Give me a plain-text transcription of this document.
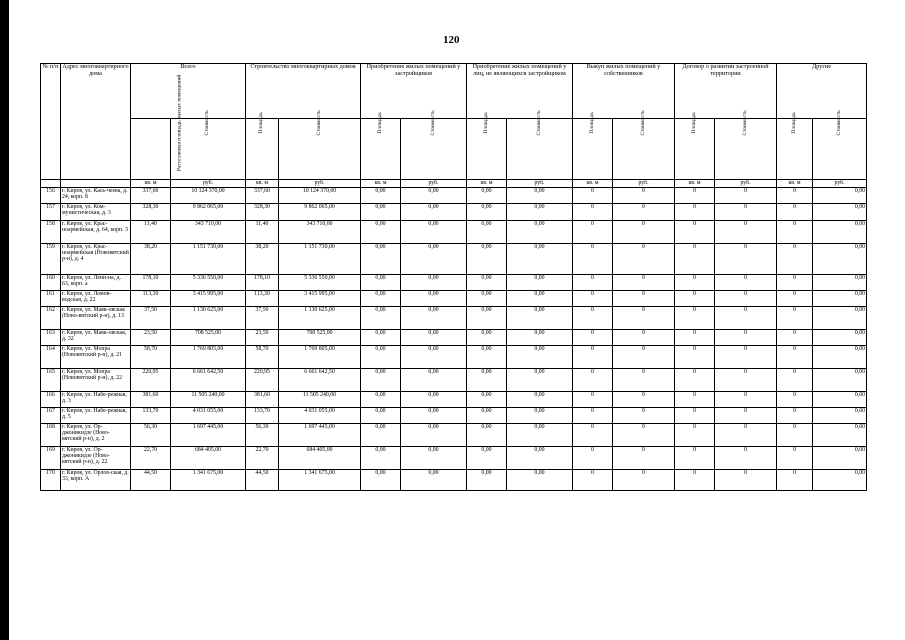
120
№ п/п	Адрес многоквартирного дома	Всего		Строительство многоквартирных домов		Приобретение жилых помещений у застройщиков		Приобретение жилых помещений у лиц, не являющихся застройщиком		Выкуп жилых помещений у собственников		Договор о развитии застроенной территории		Другие	
		Расселяемая площадь жилых помещений	Стоимость	Площадь	Стоимость	Площадь	Стоимость	Площадь	Стоимость	Площадь	Стоимость	Площадь	Стоимость	Площадь	Стоимость
		кв. м	руб.	кв. м	руб.	кв. м	руб.	кв. м	руб.	кв. м	руб.	кв. м	руб.	кв. м	руб.
156	г. Киров, ул. Кась-чеева, д. 24, корп. 8	337,60	10 124 370,00	337,60	10 124 370,00	0,00	0,00	0,00	0,00	0	0	0	0	0	0,00
157	г. Киров, ул. Ком-мунистическая, д. 3	328,30	9 862 065,00	328,30	9 862 065,00	0,00	0,00	0,00	0,00	0	0	0	0	0	0,00
158	г. Киров, ул. Крас-ноармейская, д. 64, корп. 3	11,40	343 710,00	11,40	343 710,00	0,00	0,00	0,00	0,00	0	0	0	0	0	0,00
159	г. Киров, ул. Крас-ноармейская (Нововятский р-н), д. 4	38,20	1 151 730,00	38,20	1 151 730,00	0,00	0,00	0,00	0,00	0	0	0	0	0	0,00
160	г. Киров, ул. Лени-на, д. 63, корп. а	178,10	5 336 550,00	178,10	5 336 550,00	0,00	0,00	0,00	0,00	0	0	0	0	0	0,00
161	г. Киров, ул. Ломов-водская, д. 22	113,30	3 415 995,00	113,30	3 415 995,00	0,00	0,00	0,00	0,00	0	0	0	0	0	0,00
162	г. Киров, ул. Маяк-овская (Ново-вятский р-н), д. 13	37,50	1 130 625,00	37,50	1 130 625,00	0,00	0,00	0,00	0,00	0	0	0	0	0	0,00
163	г. Киров, ул. Маяк-овская, д. 32	23,50	708 525,00	23,50	708 525,00	0,00	0,00	0,00	0,00	0	0	0	0	0	0,00
164	г. Киров, ул. Мопра (Нововятский р-н), д. 21	58,70	1 769 805,00	58,70	1 769 805,00	0,00	0,00	0,00	0,00	0	0	0	0	0	0,00
165	г. Киров, ул. Мопра (Нововятский р-н), д. 22	220,95	6 661 642,50	220,95	6 661 642,50	0,00	0,00	0,00	0,00	0	0	0	0	0	0,00
166	г. Киров, ул. Набе-режная, д. 3	381,60	11 505 240,00	381,60	11 505 240,00	0,00	0,00	0,00	0,00	0	0	0	0	0	0,00
167	г. Киров, ул. Набе-режная, д. 5	133,70	4 031 055,00	133,70	4 031 055,00	0,00	0,00	0,00	0,00	0	0	0	0	0	0,00
168	г. Киров, ул. Ор-джоникидзе (Ново-вятский р-н), д. 2	56,30	1 697 445,00	56,30	1 697 445,00	0,00	0,00	0,00	0,00	0	0	0	0	0	0,00
169	г. Киров, ул. Ор-джоникидзе (Ново-вятский р-н), д. 22	22,70	684 405,00	22,70	684 405,00	0,00	0,00	0,00	0,00	0	0	0	0	0	0,00
170	г. Киров, ул. Орлов-ская, д. 33, корп. А	44,50	1 341 675,00	44,50	1 341 675,00	0,00	0,00	0,00	0,00	0	0	0	0	0	0,00
